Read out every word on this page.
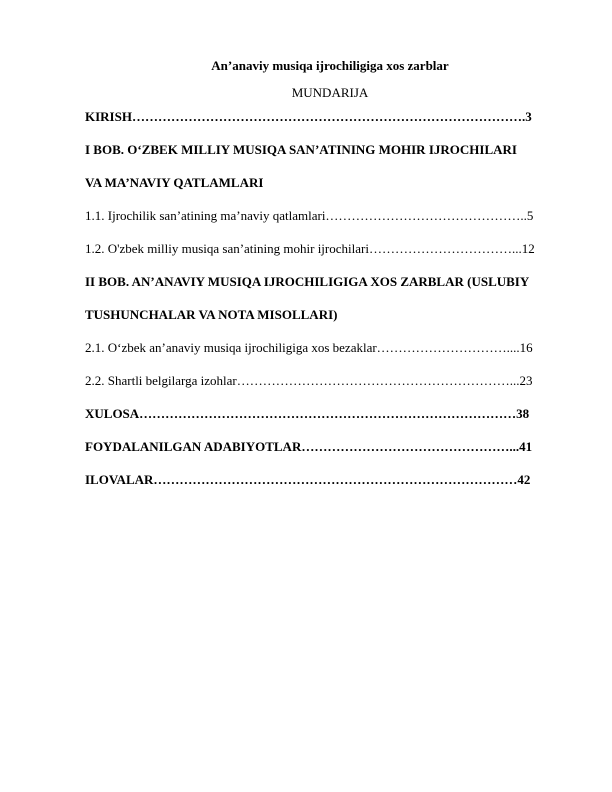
An’anaviy musiqa ijrochiligiga xos zarblar
MUNDARIJA
KIRISH……………………………………………………………………………….3
I BOB. O‘ZBEK MILLIY MUSIQA SAN’ATINING MOHIR IJROCHILARI
VA MA’NAVIY QATLAMLARI
1.1. Ijrochilik san’atining ma’naviy qatlamlari………………………………………..5
1.2. O'zbek milliy musiqa san’atining mohir ijrochilari……………………………...12
II BOB. AN’ANAVIY MUSIQA IJROCHILIGIGA XOS ZARBLAR (USLUBIY
TUSHUNCHALAR VA NOTA MISOLLARI)
2.1. O‘zbek an’anaviy musiqa ijrochiligiga xos bezaklar…………………………....16
2.2. Shartli belgilarga izohlar………………………………………………………...23
XULOSA……………………………………………………………………………38
FOYDALANILGAN ADABIYOTLAR…………………………………………...41
ILOVALAR…………………………………………………………………………42
